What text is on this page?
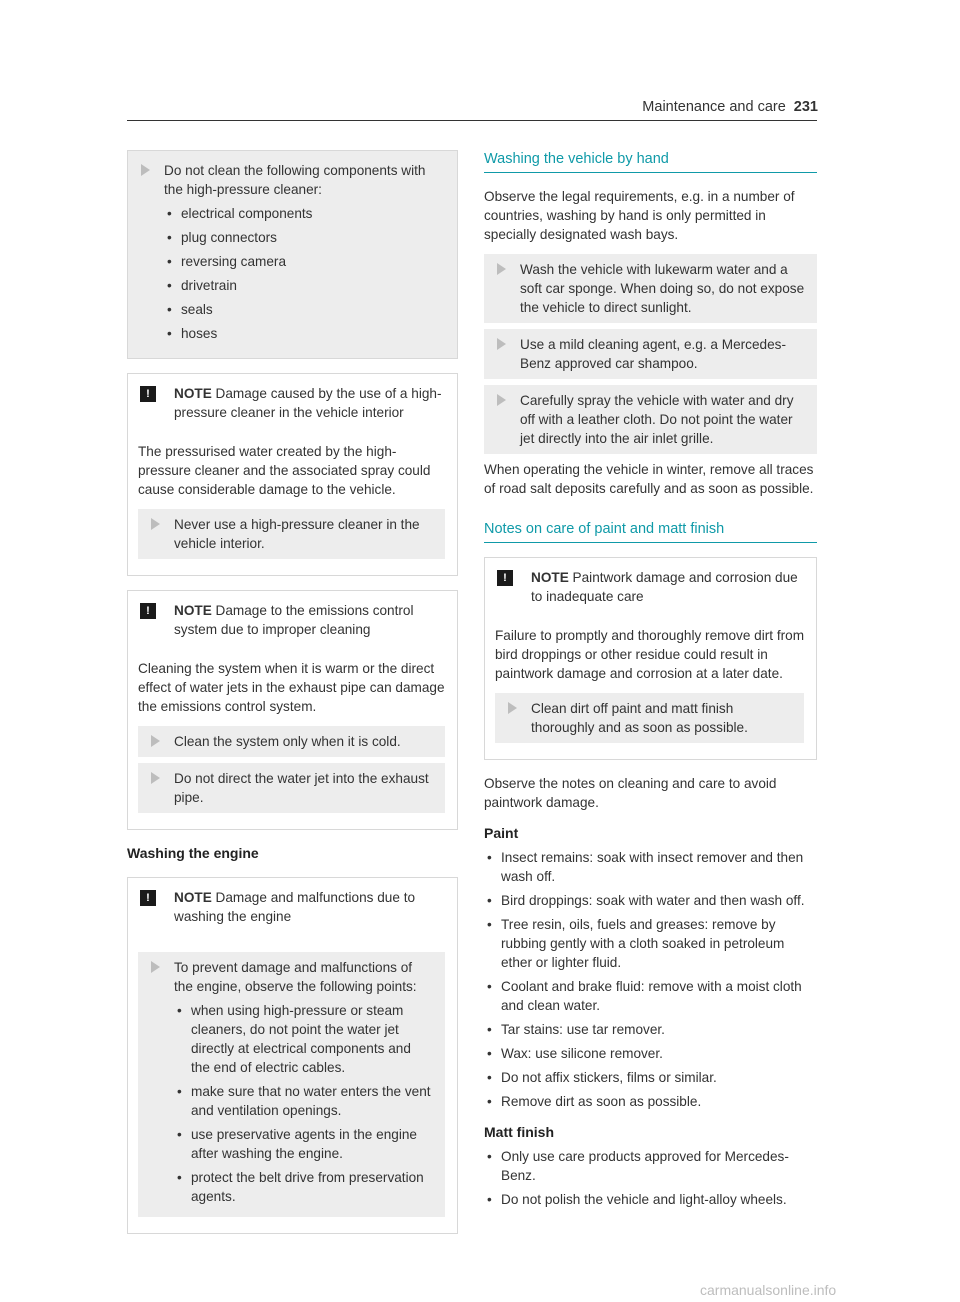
Maintenance and care 231
Do not clean the following components with the high-pressure cleaner:
• electrical components
• plug connectors
• reversing camera
• drivetrain
• seals
• hoses
!	NOTE Damage caused by the use of a high-pressure cleaner in the vehicle interior

The pressurised water created by the high-pressure cleaner and the associated spray could cause considerable damage to the vehicle.

Never use a high-pressure cleaner in the vehicle interior.
!	NOTE Damage to the emissions control system due to improper cleaning

Cleaning the system when it is warm or the direct effect of water jets in the exhaust pipe can damage the emissions control system.

Clean the system only when it is cold.
Do not direct the water jet into the exhaust pipe.
Washing the engine
!	NOTE Damage and malfunctions due to washing the engine
To prevent damage and malfunctions of the engine, observe the following points:
• when using high-pressure or steam cleaners, do not point the water jet directly at electrical components and the end of electric cables.
• make sure that no water enters the vent and ventilation openings.
• use preservative agents in the engine after washing the engine.
• protect the belt drive from preservation agents.
Washing the vehicle by hand

Observe the legal requirements, e.g. in a number of countries, washing by hand is only permitted in specially designated wash bays.

Wash the vehicle with lukewarm water and a soft car sponge. When doing so, do not expose the vehicle to direct sunlight.
Use a mild cleaning agent, e.g. a Mercedes-Benz approved car shampoo.
Carefully spray the vehicle with water and dry off with a leather cloth. Do not point the water jet directly into the air inlet grille.

When operating the vehicle in winter, remove all traces of road salt deposits carefully and as soon as possible.

Notes on care of paint and matt finish
!	NOTE Paintwork damage and corrosion due to inadequate care

Failure to promptly and thoroughly remove dirt from bird droppings or other residue could result in paintwork damage and corrosion at a later date.

Clean dirt off paint and matt finish thoroughly and as soon as possible.

Observe the notes on cleaning and care to avoid paintwork damage.

Paint
• Insect remains: soak with insect remover and then wash off.
• Bird droppings: soak with water and then wash off.
• Tree resin, oils, fuels and greases: remove by rubbing gently with a cloth soaked in petroleum ether or lighter fluid.
• Coolant and brake fluid: remove with a moist cloth and clean water.
• Tar stains: use tar remover.
• Wax: use silicone remover.
• Do not affix stickers, films or similar.
• Remove dirt as soon as possible.
Matt finish
• Only use care products approved for Mercedes-Benz.
• Do not polish the vehicle and light-alloy wheels.
carmanualsonline.info
